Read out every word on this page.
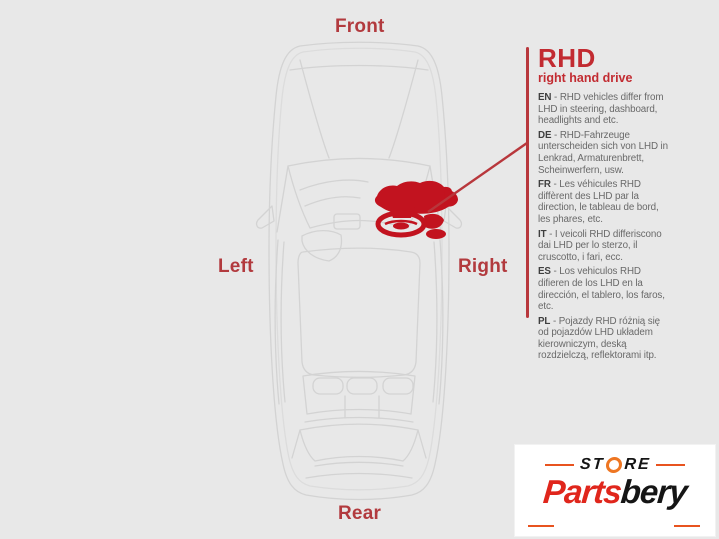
Front
Left	Right
Rear
RHD
right hand drive

EN - RHD vehicles differ from LHD in steering, dashboard, headlights and etc.

DE - RHD-Fahrzeuge unterscheiden sich von LHD in Lenkrad, Armaturenbrett, Scheinwerfern, usw.

FR - Les véhicules RHD diffèrent des LHD par la direction, le tableau de bord, les phares, etc.

IT - I veicoli RHD differiscono dai LHD per lo sterzo, il cruscotto, i fari, ecc.

ES - Los vehiculos RHD difieren de los LHD en la dirección, el tablero, los faros, etc.

PL - Pojazdy RHD różnią się od pojazdów LHD układem kierowniczym, deską rozdzielczą, reflektorami itp.

ST RE
Partsbery
